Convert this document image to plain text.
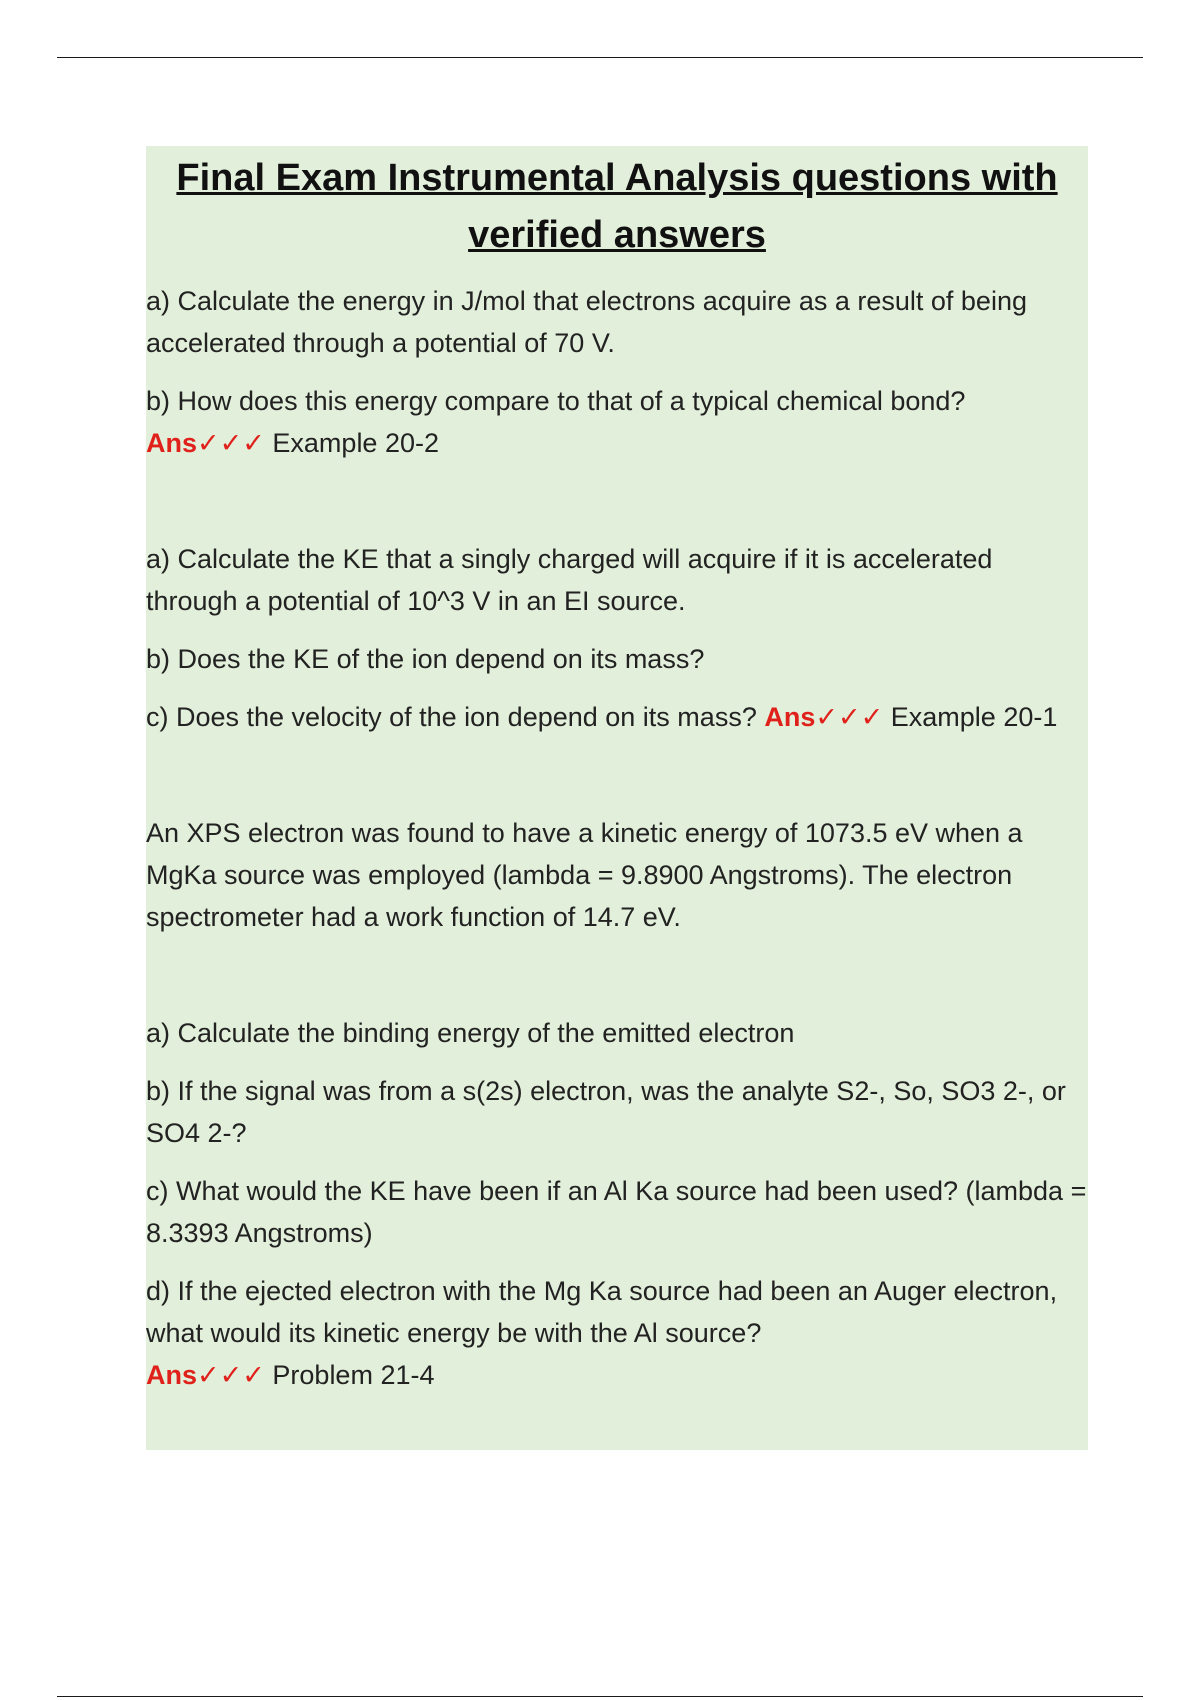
Final Exam Instrumental Analysis questions with
verified answers

a) Calculate the energy in J/mol that electrons acquire as a result of being accelerated through a potential of 70 V.

b) How does this energy compare to that of a typical chemical bond?
Ans✓✓✓ Example 20-2

a) Calculate the KE that a singly charged will acquire if it is accelerated through a potential of 10^3 V in an EI source.

b) Does the KE of the ion depend on its mass?

c) Does the velocity of the ion depend on its mass? Ans✓✓✓ Example 20-1

An XPS electron was found to have a kinetic energy of 1073.5 eV when a MgKa source was employed (lambda = 9.8900 Angstroms). The electron spectrometer had a work function of 14.7 eV.

a) Calculate the binding energy of the emitted electron

b) If the signal was from a s(2s) electron, was the analyte S2-, So, SO3 2-, or SO4 2-?

c) What would the KE have been if an Al Ka source had been used? (lambda = 8.3393 Angstroms)

d) If the ejected electron with the Mg Ka source had been an Auger electron, what would its kinetic energy be with the Al source?
Ans✓✓✓ Problem 21-4
